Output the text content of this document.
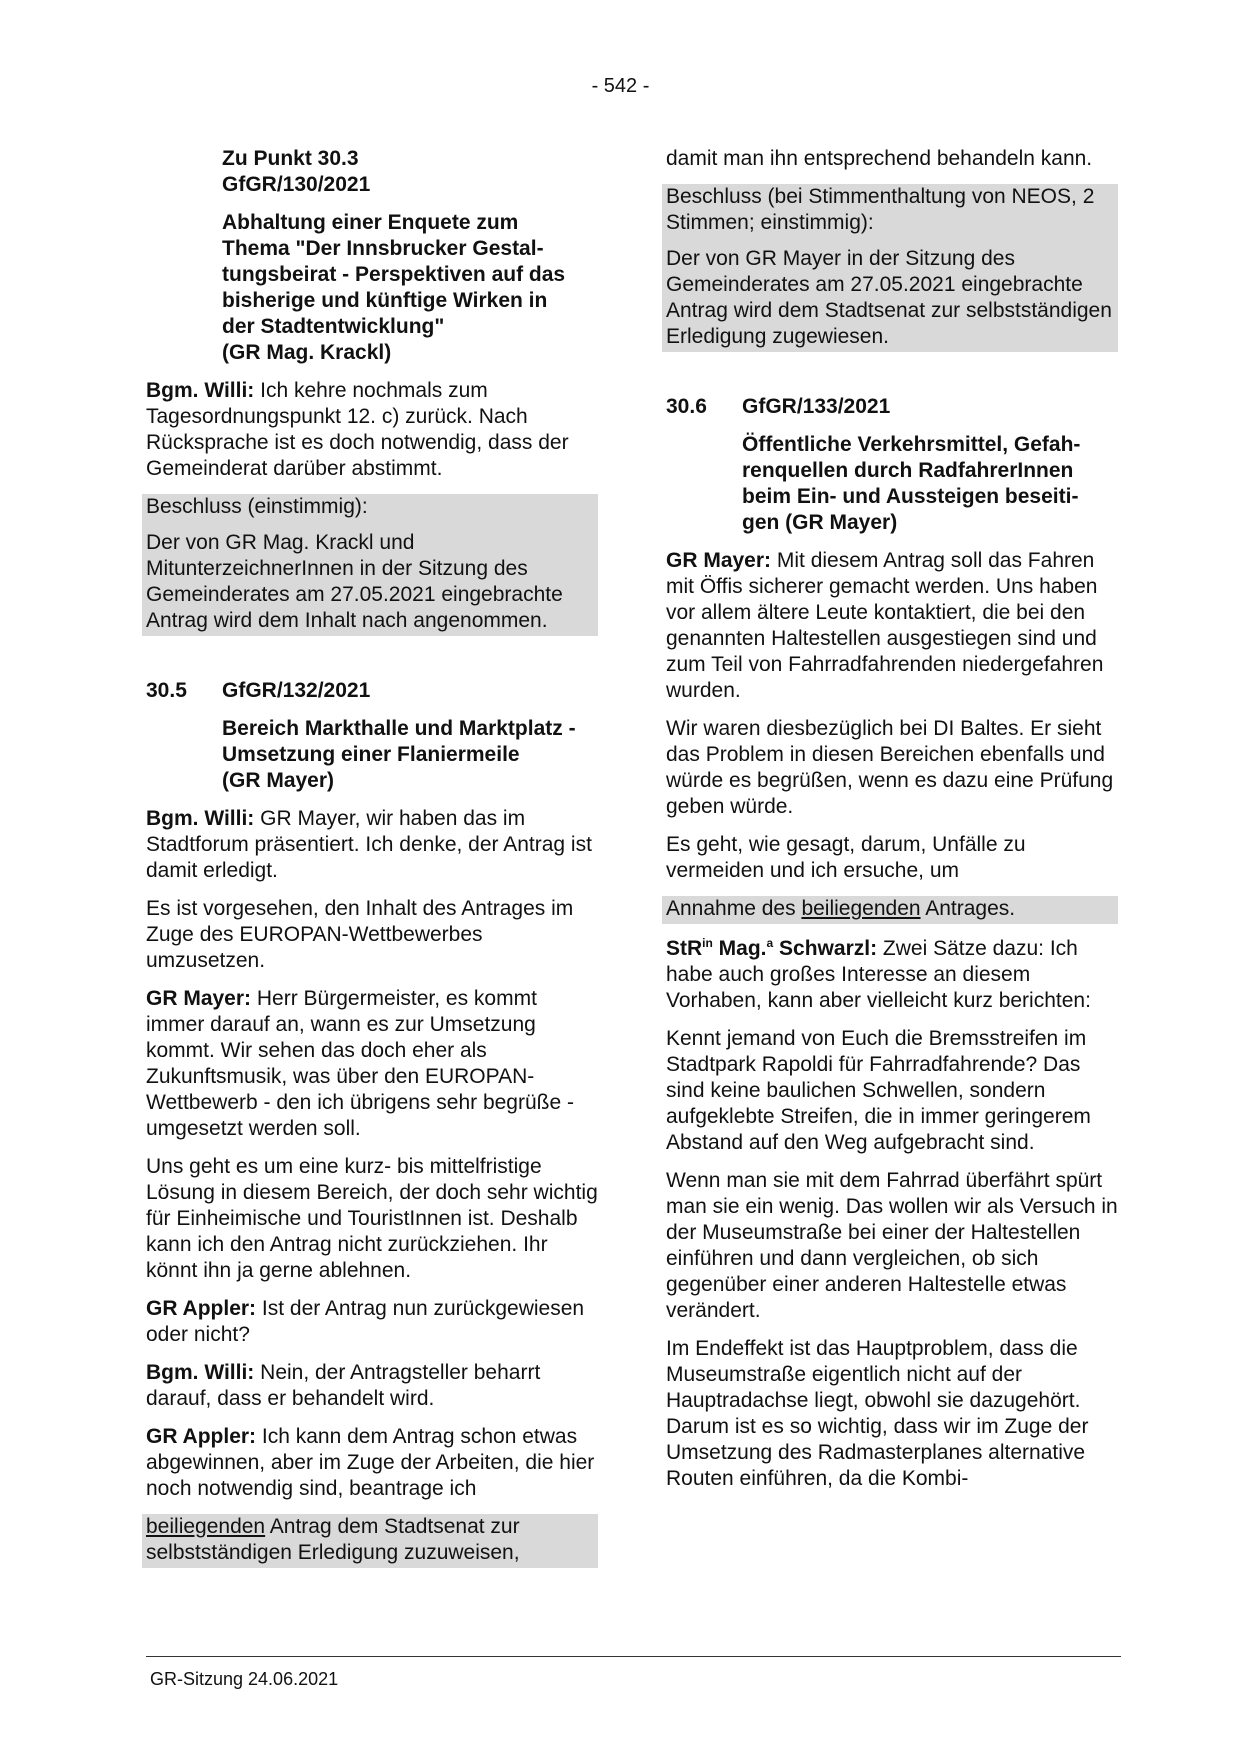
- 542 -
Zu Punkt 30.3
GfGR/130/2021
Abhaltung einer Enquete zum
Thema "Der Innsbrucker Gestal-
tungsbeirat - Perspektiven auf das
bisherige und künftige Wirken in
der Stadtentwicklung"
(GR Mag. Krackl)

Bgm. Willi: Ich kehre nochmals zum Tagesordnungspunkt 12. c) zurück. Nach Rücksprache ist es doch notwendig, dass der Gemeinderat darüber abstimmt.

Beschluss (einstimmig):

Der von GR Mag. Krackl und MitunterzeichnerInnen in der Sitzung des Gemeinderates am 27.05.2021 eingebrachte Antrag wird dem Inhalt nach angenommen.

30.5	GfGR/132/2021
Bereich Markthalle und Marktplatz -
Umsetzung einer Flaniermeile
(GR Mayer)

Bgm. Willi: GR Mayer, wir haben das im Stadtforum präsentiert. Ich denke, der Antrag ist damit erledigt.

Es ist vorgesehen, den Inhalt des Antrages im Zuge des EUROPAN-Wettbewerbes umzusetzen.

GR Mayer: Herr Bürgermeister, es kommt immer darauf an, wann es zur Umsetzung kommt. Wir sehen das doch eher als Zukunftsmusik, was über den EUROPAN-Wettbewerb - den ich übrigens sehr begrüße - umgesetzt werden soll.

Uns geht es um eine kurz- bis mittelfristige Lösung in diesem Bereich, der doch sehr wichtig für Einheimische und TouristInnen ist. Deshalb kann ich den Antrag nicht zurückziehen. Ihr könnt ihn ja gerne ablehnen.

GR Appler: Ist der Antrag nun zurückgewiesen oder nicht?

Bgm. Willi: Nein, der Antragsteller beharrt darauf, dass er behandelt wird.

GR Appler: Ich kann dem Antrag schon etwas abgewinnen, aber im Zuge der Arbeiten, die hier noch notwendig sind, beantrage ich

beiliegenden Antrag dem Stadtsenat zur selbstständigen Erledigung zuzuweisen,

damit man ihn entsprechend behandeln kann.

Beschluss (bei Stimmenthaltung von NEOS, 2 Stimmen; einstimmig):

Der von GR Mayer in der Sitzung des Gemeinderates am 27.05.2021 eingebrachte Antrag wird dem Stadtsenat zur selbstständigen Erledigung zugewiesen.

30.6	GfGR/133/2021
Öffentliche Verkehrsmittel, Gefah-
renquellen durch RadfahrerInnen
beim Ein- und Aussteigen beseiti-
gen (GR Mayer)

GR Mayer: Mit diesem Antrag soll das Fahren mit Öffis sicherer gemacht werden. Uns haben vor allem ältere Leute kontaktiert, die bei den genannten Haltestellen ausgestiegen sind und zum Teil von Fahrradfahrenden niedergefahren wurden.

Wir waren diesbezüglich bei DI Baltes. Er sieht das Problem in diesen Bereichen ebenfalls und würde es begrüßen, wenn es dazu eine Prüfung geben würde.

Es geht, wie gesagt, darum, Unfälle zu vermeiden und ich ersuche, um

Annahme des beiliegenden Antrages.

StR$^{in}$ Mag.$^a$ Schwarzl: Zwei Sätze dazu: Ich habe auch großes Interesse an diesem Vorhaben, kann aber vielleicht kurz berichten:

Kennt jemand von Euch die Bremsstreifen im Stadtpark Rapoldi für Fahrradfahrende? Das sind keine baulichen Schwellen, sondern aufgeklebte Streifen, die in immer geringerem Abstand auf den Weg aufgebracht sind.

Wenn man sie mit dem Fahrrad überfährt spürt man sie ein wenig. Das wollen wir als Versuch in der Museumstraße bei einer der Haltestellen einführen und dann vergleichen, ob sich gegenüber einer anderen Haltestelle etwas verändert.

Im Endeffekt ist das Hauptproblem, dass die Museumstraße eigentlich nicht auf der Hauptradachse liegt, obwohl sie dazugehört. Darum ist es so wichtig, dass wir im Zuge der Umsetzung des Radmasterplanes alternative Routen einführen, da die Kombi-

GR-Sitzung 24.06.2021
